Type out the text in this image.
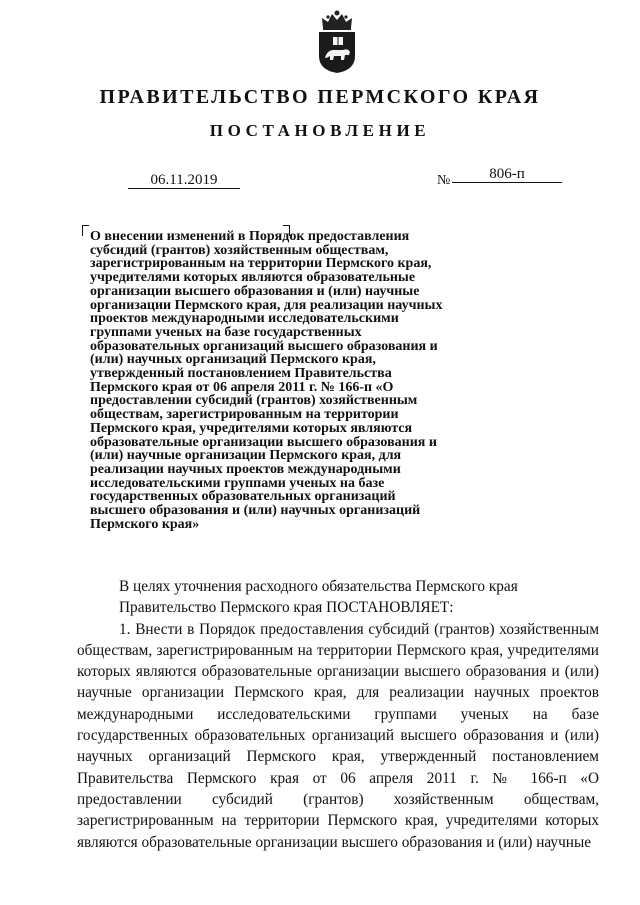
ПРАВИТЕЛЬСТВО ПЕРМСКОГО КРАЯ
ПОСТАНОВЛЕНИЕ
06.11.2019	№	806-п
О внесении изменений в Порядок предоставления субсидий (грантов) хозяйственным обществам, зарегистрированным на территории Пермского края, учредителями которых являются образовательные организации высшего образования и (или) научные организации Пермского края, для реализации научных проектов международными исследовательскими группами ученых на базе государственных образовательных организаций высшего образования и (или) научных организаций Пермского края, утвержденный постановлением Правительства Пермского края от 06 апреля 2011 г. № 166-п «О предоставлении субсидий (грантов) хозяйственным обществам, зарегистрированным на территории Пермского края, учредителями которых являются образовательные организации высшего образования и (или) научные организации Пермского края, для реализации научных проектов международными исследовательскими группами ученых на базе государственных образовательных организаций высшего образования и (или) научных организаций Пермского края»

В целях уточнения расходного обязательства Пермского края

Правительство Пермского края ПОСТАНОВЛЯЕТ:

1. Внести в Порядок предоставления субсидий (грантов) хозяйственным обществам, зарегистрированным на территории Пермского края, учредителями которых являются образовательные организации высшего образования и (или) научные организации Пермского края, для реализации научных проектов международными исследовательскими группами ученых на базе государственных образовательных организаций высшего образования и (или) научных организаций Пермского края, утвержденный постановлением Правительства Пермского края от 06 апреля 2011 г. № 166-п «О предоставлении субсидий (грантов) хозяйственным обществам, зарегистрированным на территории Пермского края, учредителями которых являются образовательные организации высшего образования и (или) научные
